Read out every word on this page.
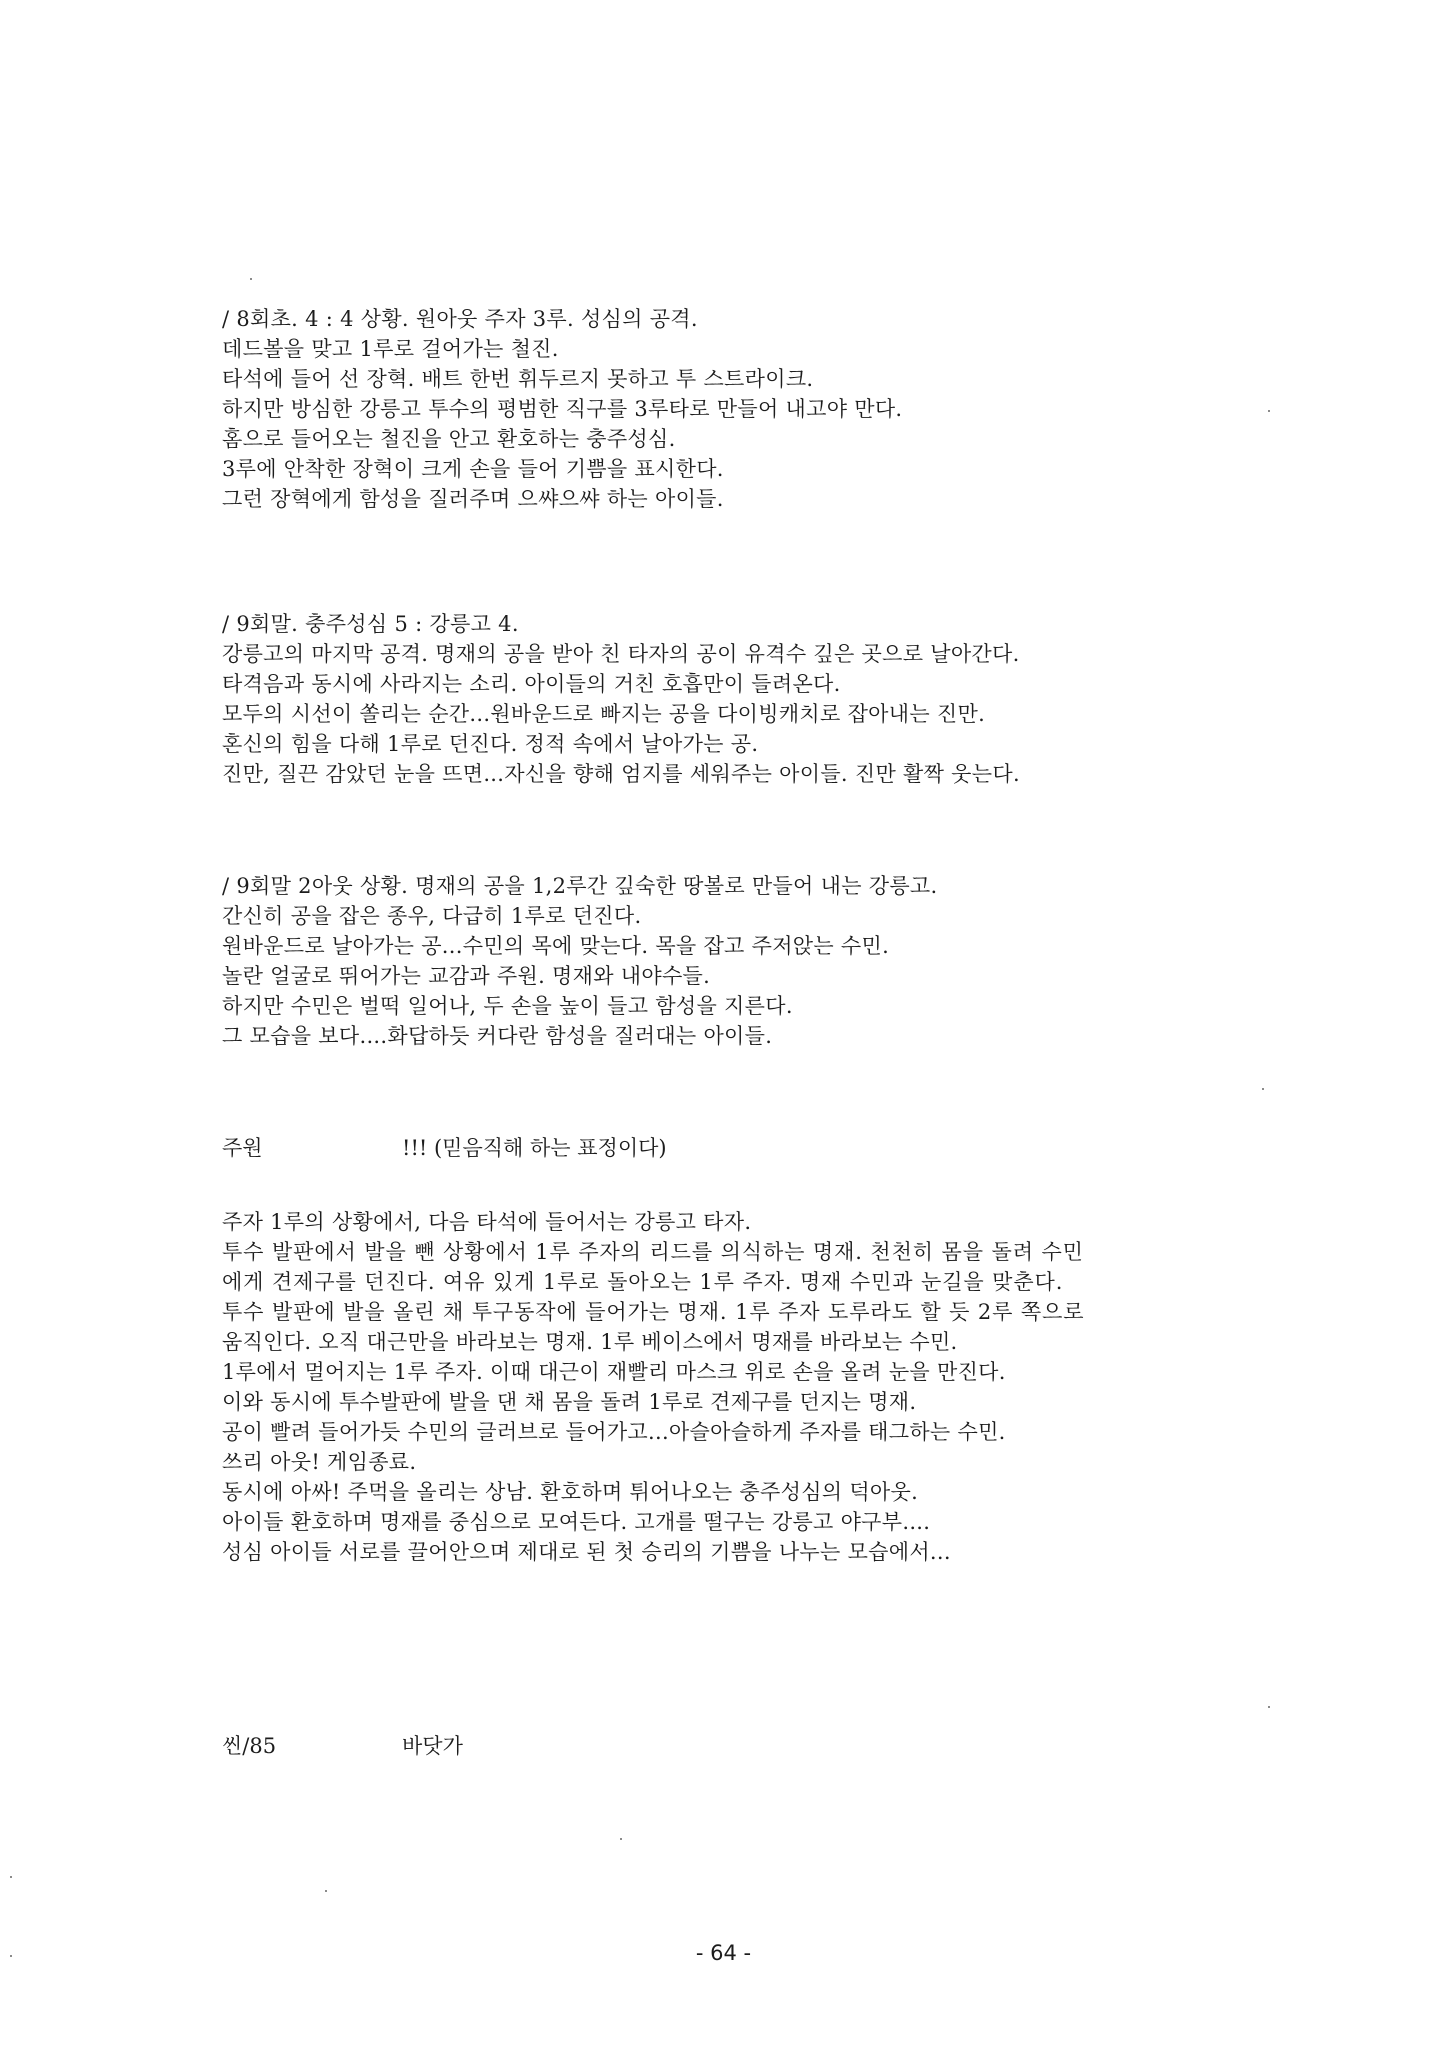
/ 8회초. 4 : 4 상황. 원아웃 주자 3루. 성심의 공격.
데드볼을 맞고 1루로 걸어가는 철진.
타석에 들어 선 장혁. 배트 한번 휘두르지 못하고 투 스트라이크.
하지만 방심한 강릉고 투수의 평범한 직구를 3루타로 만들어 내고야 만다.
홈으로 들어오는 철진을 안고 환호하는 충주성심.
3루에 안착한 장혁이 크게 손을 들어 기쁨을 표시한다.
그런 장혁에게 함성을 질러주며 으쌰으쌰 하는 아이들.
/ 9회말. 충주성심 5 : 강릉고 4.
강릉고의 마지막 공격. 명재의 공을 받아 친 타자의 공이 유격수 깊은 곳으로 날아간다.
타격음과 동시에 사라지는 소리. 아이들의 거친 호흡만이 들려온다.
모두의 시선이 쏠리는 순간...원바운드로 빠지는 공을 다이빙캐치로 잡아내는 진만.
혼신의 힘을 다해 1루로 던진다. 정적 속에서 날아가는 공.
진만, 질끈 감았던 눈을 뜨면...자신을 향해 엄지를 세워주는 아이들. 진만 활짝 웃는다.
/ 9회말 2아웃 상황. 명재의 공을 1,2루간 깊숙한 땅볼로 만들어 내는 강릉고.
간신히 공을 잡은 종우, 다급히 1루로 던진다.
원바운드로 날아가는 공...수민의 목에 맞는다. 목을 잡고 주저앉는 수민.
놀란 얼굴로 뛰어가는 교감과 주원. 명재와 내야수들.
하지만 수민은 벌떡 일어나, 두 손을 높이 들고 함성을 지른다.
그 모습을 보다....화답하듯 커다란 함성을 질러대는 아이들.
주원	!!! (믿음직해 하는 표정이다)
주자 1루의 상황에서, 다음 타석에 들어서는 강릉고 타자.
투수 발판에서 발을 뺀 상황에서 1루 주자의 리드를 의식하는 명재. 천천히 몸을 돌려 수민
에게 견제구를 던진다. 여유 있게 1루로 돌아오는 1루 주자. 명재 수민과 눈길을 맞춘다.
투수 발판에 발을 올린 채 투구동작에 들어가는 명재. 1루 주자 도루라도 할 듯 2루 쪽으로
움직인다. 오직 대근만을 바라보는 명재. 1루 베이스에서 명재를 바라보는 수민.
1루에서 멀어지는 1루 주자. 이때 대근이 재빨리 마스크 위로 손을 올려 눈을 만진다.
이와 동시에 투수발판에 발을 댄 채 몸을 돌려 1루로 견제구를 던지는 명재.
공이 빨려 들어가듯 수민의 글러브로 들어가고...아슬아슬하게 주자를 태그하는 수민.
쓰리 아웃! 게임종료.
동시에 아싸! 주먹을 올리는 상남. 환호하며 튀어나오는 충주성심의 덕아웃.
아이들 환호하며 명재를 중심으로 모여든다. 고개를 떨구는 강릉고 야구부....
성심 아이들 서로를 끌어안으며 제대로 된 첫 승리의 기쁨을 나누는 모습에서...
씬/85	바닷가
- 64 -
